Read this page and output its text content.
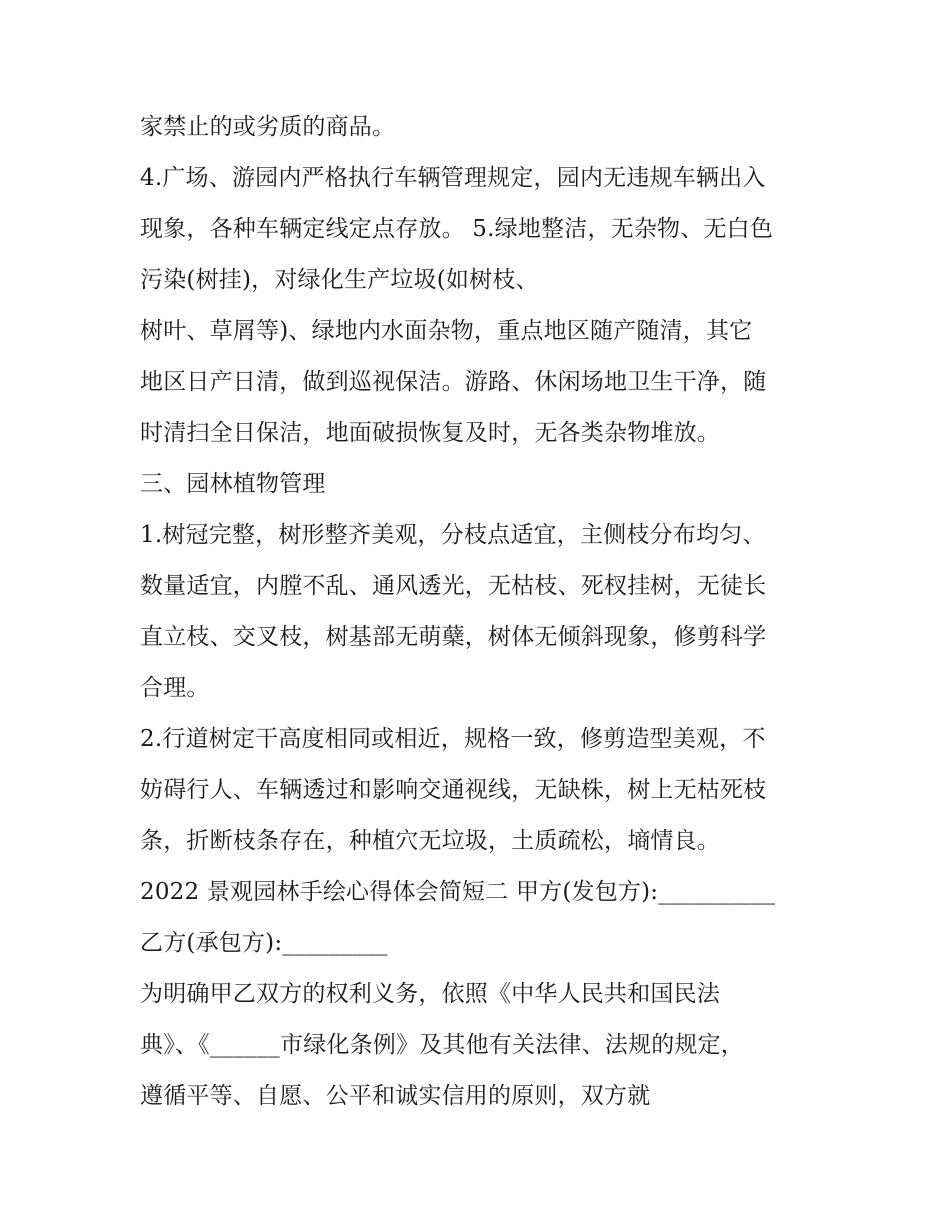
家禁止的或劣质的商品。
4.广场、游园内严格执行车辆管理规定，园内无违规车辆出入
现象，各种车辆定线定点存放。 5.绿地整洁，无杂物、无白色
污染(树挂)，对绿化生产垃圾(如树枝、
树叶、草屑等)、绿地内水面杂物，重点地区随产随清，其它
地区日产日清，做到巡视保洁。游路、休闲场地卫生干净，随
时清扫全日保洁，地面破损恢复及时，无各类杂物堆放。
三、园林植物管理
1.树冠完整，树形整齐美观，分枝点适宜，主侧枝分布均匀、
数量适宜，内膛不乱、通风透光，无枯枝、死杈挂树，无徒长
直立枝、交叉枝，树基部无萌蘖，树体无倾斜现象，修剪科学
合理。
2.行道树定干高度相同或相近，规格一致，修剪造型美观，不
妨碍行人、车辆透过和影响交通视线，无缺株，树上无枯死枝
条，折断枝条存在，种植穴无垃圾，土质疏松，墒情良。
2022 景观园林手绘心得体会简短二 甲方(发包方):__________
乙方(承包方):_________
为明确甲乙双方的权利义务，依照《中华人民共和国民法
典》、《______市绿化条例》及其他有关法律、法规的规定，
遵循平等、自愿、公平和诚实信用的原则，双方就
